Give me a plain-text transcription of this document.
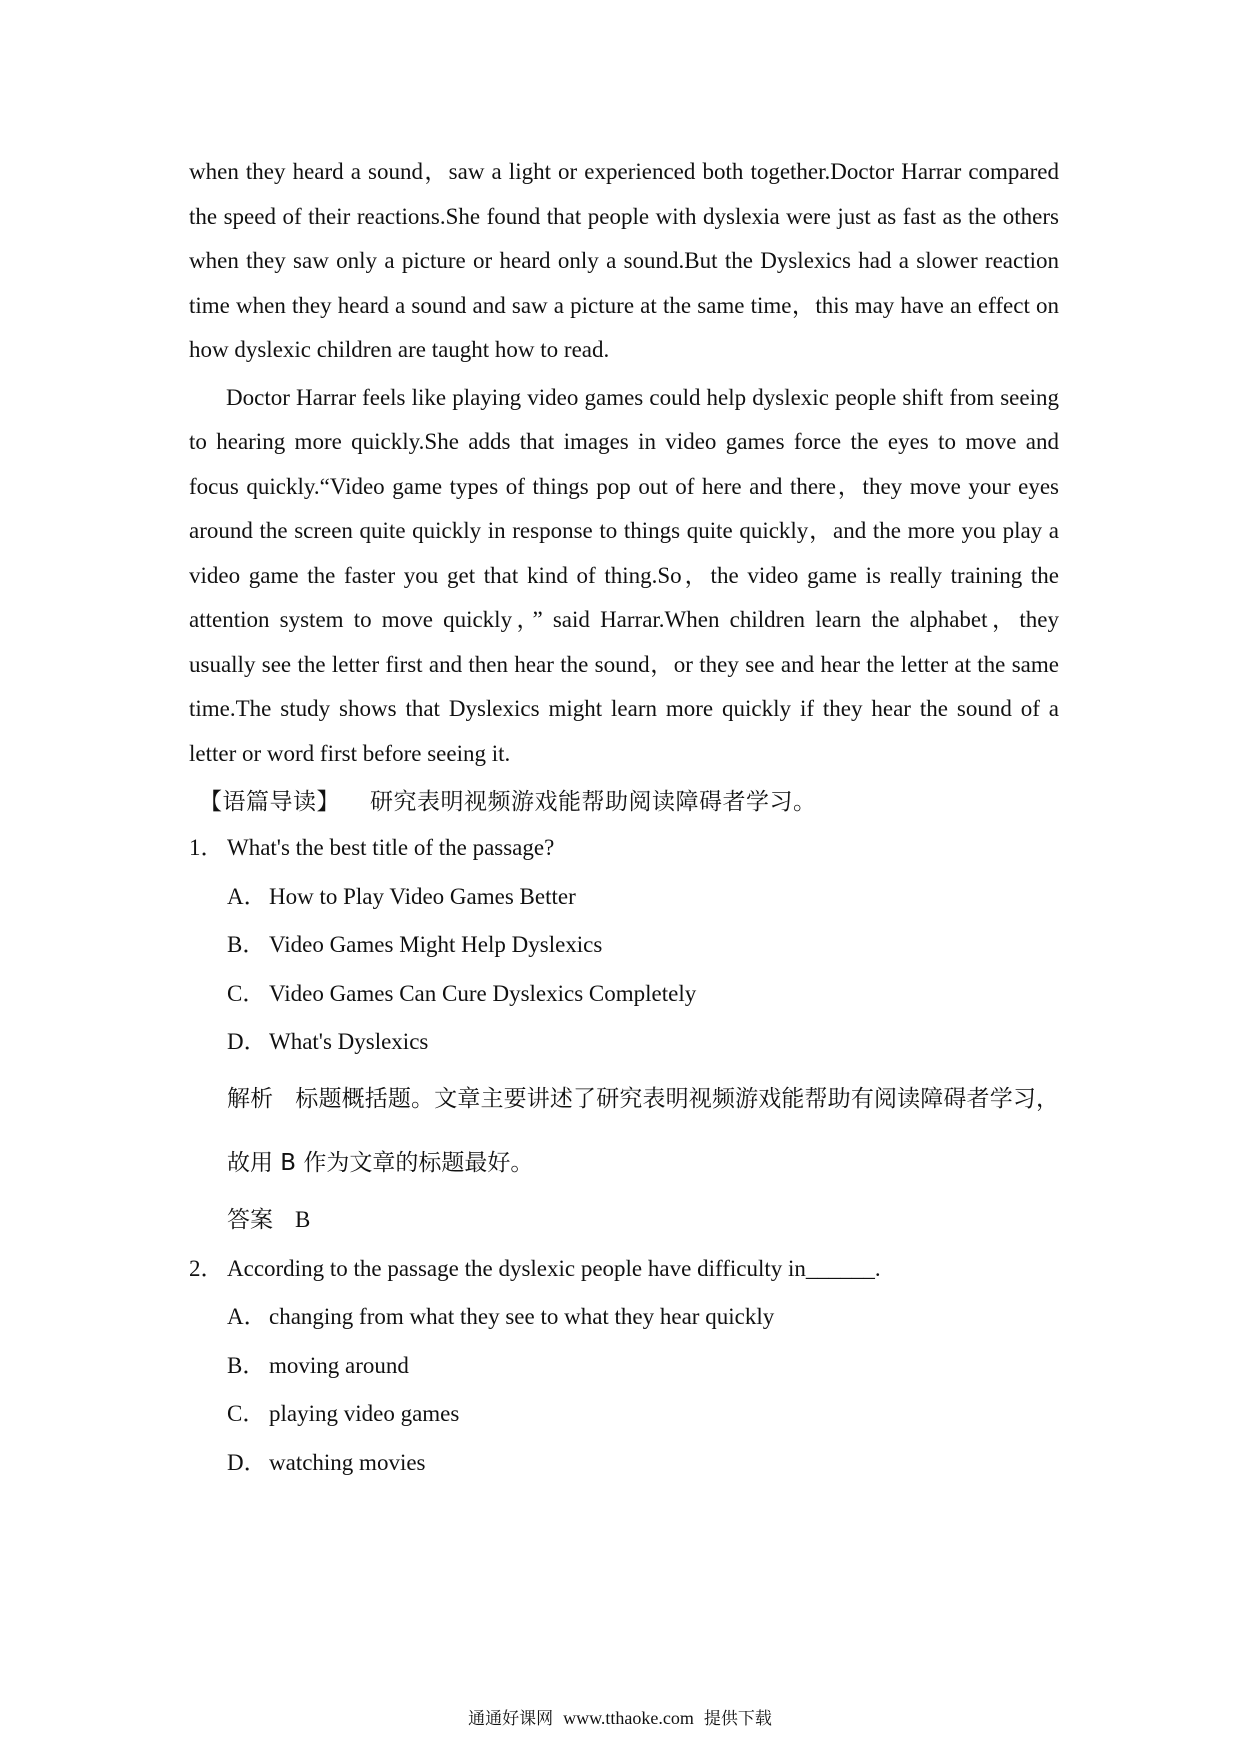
when they heard a sound，saw a light or experienced both together.Doctor Harrar compared the speed of their reactions.She found that people with dyslexia were just as fast as the others when they saw only a picture or heard only a sound.But the Dyslexics had a slower reaction time when they heard a sound and saw a picture at the same time，this may have an effect on how dyslexic children are taught how to read.

Doctor Harrar feels like playing video games could help dyslexic people shift from seeing to hearing more quickly.She adds that images in video games force the eyes to move and focus quickly.“Video game types of things pop out of here and there，they move your eyes around the screen quite quickly in response to things quite quickly，and the more you play a video game the faster you get that kind of thing.So，the video game is really training the attention system to move quickly，” said Harrar.When children learn the alphabet，they usually see the letter first and then hear the sound，or they see and hear the letter at the same time.The study shows that Dyslexics might learn more quickly if they hear the sound of a letter or word first before seeing it.

【语篇导读】 研究表明视频游戏能帮助阅读障碍者学习。

1． What's the best title of the passage?

A． How to Play Video Games Better

B． Video Games Might Help Dyslexics

C． Video Games Can Cure Dyslexics Completely

D． What's Dyslexics

解析 标题概括题。文章主要讲述了研究表明视频游戏能帮助有阅读障碍者学习，故用 B 作为文章的标题最好。

答案 B

2． According to the passage the dyslexic people have difficulty in______.

A． changing from what they see to what they hear quickly

B． moving around

C． playing video games

D． watching movies

通通好课网 www.tthaoke.com 提供下载
